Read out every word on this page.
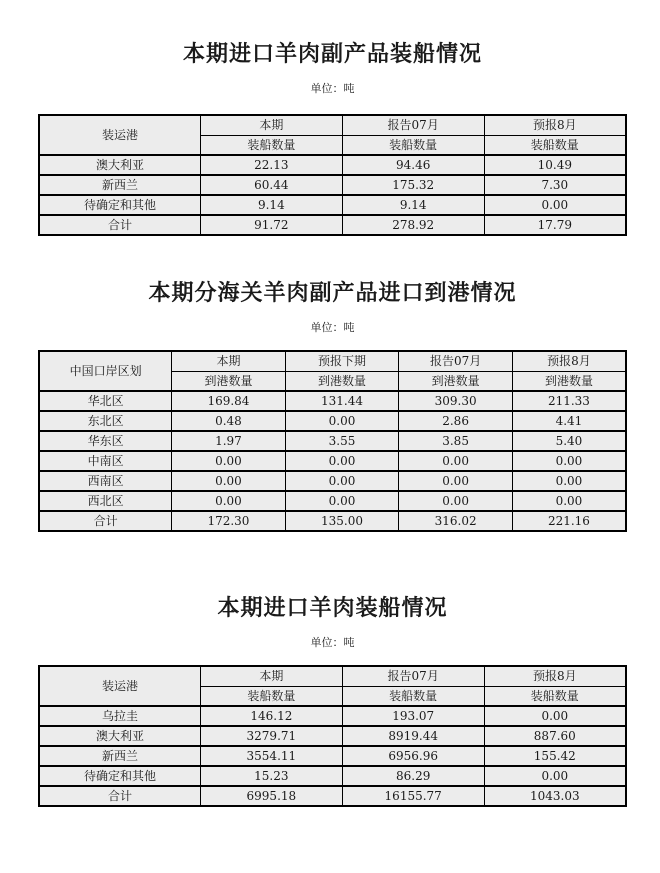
本期进口羊肉副产品装船情况
单位：吨
装运港	本期	报告07月	预报8月
	装船数量	装船数量	装船数量
澳大利亚	22.13	94.46	10.49
新西兰	60.44	175.32	7.30
待确定和其他	9.14	9.14	0.00
合计	91.72	278.92	17.79
本期分海关羊肉副产品进口到港情况
单位：吨
中国口岸区划	本期	预报下期	报告07月	预报8月
	到港数量	到港数量	到港数量	到港数量
华北区	169.84	131.44	309.30	211.33
东北区	0.48	0.00	2.86	4.41
华东区	1.97	3.55	3.85	5.40
中南区	0.00	0.00	0.00	0.00
西南区	0.00	0.00	0.00	0.00
西北区	0.00	0.00	0.00	0.00
合计	172.30	135.00	316.02	221.16
本期进口羊肉装船情况
单位：吨
装运港	本期	报告07月	预报8月
	装船数量	装船数量	装船数量
乌拉圭	146.12	193.07	0.00
澳大利亚	3279.71	8919.44	887.60
新西兰	3554.11	6956.96	155.42
待确定和其他	15.23	86.29	0.00
合计	6995.18	16155.77	1043.03
